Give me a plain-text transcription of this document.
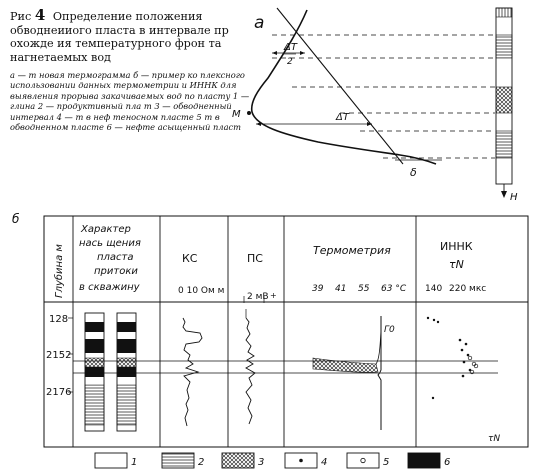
Рис 4 Определение положения обводнеииого пласта в интервале пp охожде ия температурного фрон та нагнетаемых вод
а — т новая термограмма б — пример ко плексного использовании данных термометрии и ИННК для выявления прорыва закачиваемых вод по пласту 1 — глина 2 — продуктивный пла т 3 — обводненный интервал 4 — т в неф теносном пласте 5 т в обводненном пласте 6 — нефте асыщенный пласт
а
ΔT
2
ΔT
M
δ
H
б
Глубина м
Характер
нась щения
пласта
притоки
в скважину
КС
0 10 Ом м
ПС
2 мВ +
Термометрия
39 41 55 63 °С
ИННК
τN
140 220 мкс
128
2152
2176
Г0
τN
1	2	3	4	5	6
